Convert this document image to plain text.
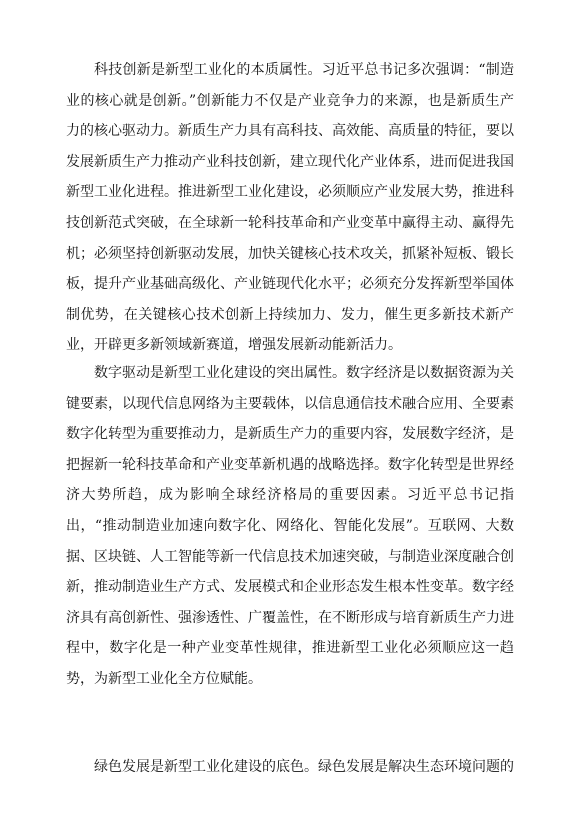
科技创新是新型工业化的本质属性。习近平总书记多次强调：“制造业的核心就是创新。”创新能力不仅是产业竞争力的来源，也是新质生产力的核心驱动力。新质生产力具有高科技、高效能、高质量的特征，要以发展新质生产力推动产业科技创新，建立现代化产业体系，进而促进我国新型工业化进程。推进新型工业化建设，必须顺应产业发展大势，推进科技创新范式突破，在全球新一轮科技革命和产业变革中赢得主动、赢得先机；必须坚持创新驱动发展，加快关键核心技术攻关，抓紧补短板、锻长板，提升产业基础高级化、产业链现代化水平；必须充分发挥新型举国体制优势，在关键核心技术创新上持续加力、发力，催生更多新技术新产业，开辟更多新领域新赛道，增强发展新动能新活力。

数字驱动是新型工业化建设的突出属性。数字经济是以数据资源为关键要素，以现代信息网络为主要载体，以信息通信技术融合应用、全要素数字化转型为重要推动力，是新质生产力的重要内容，发展数字经济，是把握新一轮科技革命和产业变革新机遇的战略选择。数字化转型是世界经济大势所趋，成为影响全球经济格局的重要因素。习近平总书记指出，“推动制造业加速向数字化、网络化、智能化发展”。互联网、大数据、区块链、人工智能等新一代信息技术加速突破，与制造业深度融合创新，推动制造业生产方式、发展模式和企业形态发生根本性变革。数字经济具有高创新性、强渗透性、广覆盖性，在不断形成与培育新质生产力进程中，数字化是一种产业变革性规律，推进新型工业化必须顺应这一趋势，为新型工业化全方位赋能。

绿色发展是新型工业化建设的底色。绿色发展是解决生态环境问题的
